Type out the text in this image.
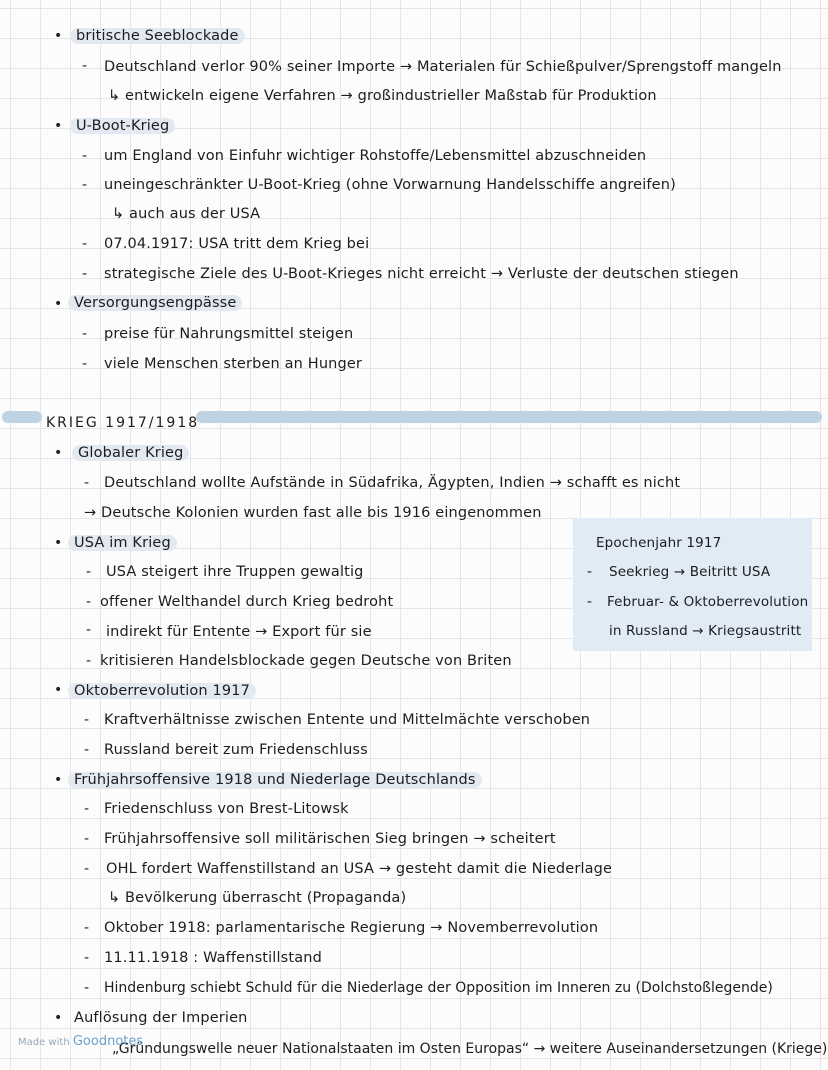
• britische Seeblockade
- Deutschland verlor 90% seiner Importe → Materialen für Schießpulver/Sprengstoff mangeln
↳ entwickeln eigene Verfahren → großindustrieller Maßstab für Produktion
• U-Boot-Krieg
- um England von Einfuhr wichtiger Rohstoffe/Lebensmittel abzuschneiden
- uneingeschränkter U-Boot-Krieg (ohne Vorwarnung Handelsschiffe angreifen)
↳ auch aus der USA
- 07.04.1917: USA tritt dem Krieg bei
- strategische Ziele des U-Boot-Krieges nicht erreicht → Verluste der deutschen stiegen
• Versorgungsengpässe
- preise für Nahrungsmittel steigen
- viele Menschen sterben an Hunger
KRIEG 1917/1918
•	Globaler Krieg
- Deutschland wollte Aufstände in Südafrika, Ägypten, Indien → schafft es nicht
→ Deutsche Kolonien wurden fast alle bis 1916 eingenommen
• USA im Krieg
- USA steigert ihre Truppen gewaltig
- offener Welthandel durch Krieg bedroht
- indirekt für Entente → Export für sie
- kritisieren Handelsblockade gegen Deutsche von Briten
Epochenjahr 1917
- Seekrieg → Beitritt USA
- Februar- & Oktoberrevolution
in Russland → Kriegsaustritt
• Oktoberrevolution 1917
- Kraftverhältnisse zwischen Entente und Mittelmächte verschoben
- Russland bereit zum Friedenschluss
• Frühjahrsoffensive 1918 und Niederlage Deutschlands
- Friedenschluss von Brest-Litowsk
- Frühjahrsoffensive soll militärischen Sieg bringen → scheitert
- OHL fordert Waffenstillstand an USA → gesteht damit die Niederlage
↳ Bevölkerung überrascht (Propaganda)
- Oktober 1918: parlamentarische Regierung → Novemberrevolution
- 11.11.1918 : Waffenstillstand
- Hindenburg schiebt Schuld für die Niederlage der Opposition im Inneren zu (Dolchstoßlegende)
• Auflösung der Imperien
„Gründungswelle neuer Nationalstaaten im Osten Europas“ → weitere Auseinandersetzungen (Kriege)
Made with Goodnotes
